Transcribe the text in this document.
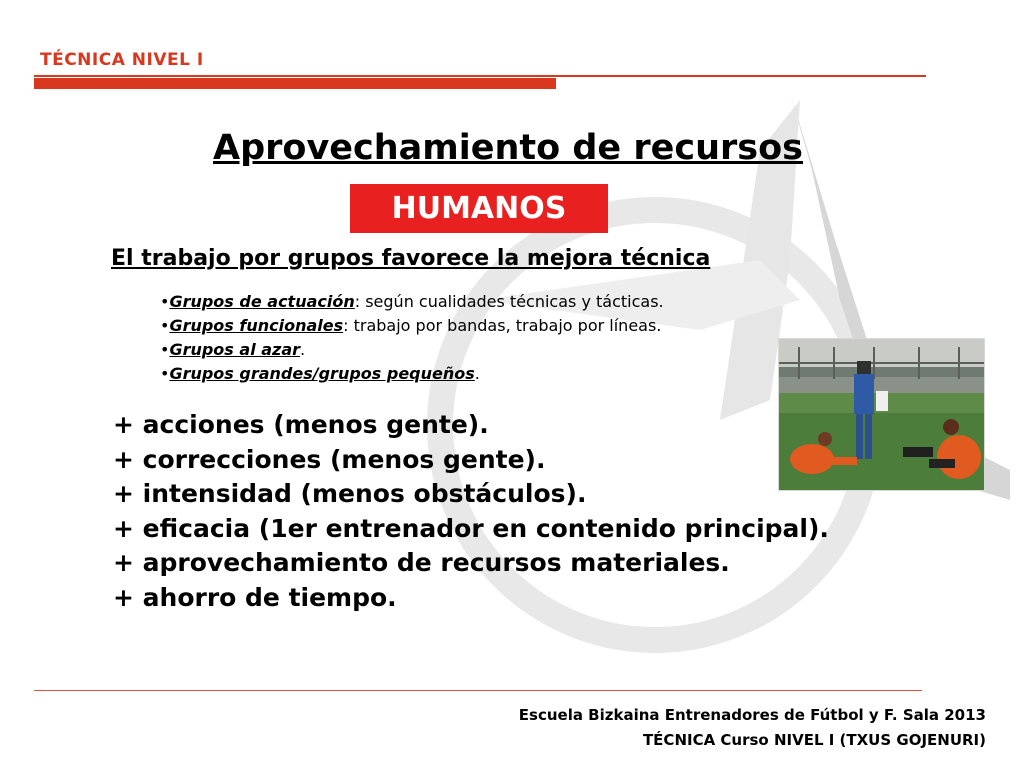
TÉCNICA NIVEL I
Aprovechamiento de recursos
HUMANOS
El trabajo por grupos favorece la mejora técnica
•Grupos de actuación: según cualidades técnicas y tácticas.
•Grupos funcionales: trabajo por bandas, trabajo por líneas.
•Grupos al azar.
•Grupos grandes/grupos pequeños.
+ acciones (menos gente).
+ correcciones (menos gente).
+ intensidad (menos obstáculos).
+ eficacia (1er entrenador en contenido principal).
+ aprovechamiento de recursos materiales.
+ ahorro de tiempo.
Escuela Bizkaina Entrenadores de Fútbol y F. Sala 2013
TÉCNICA Curso NIVEL I (TXUS GOJENURI)
